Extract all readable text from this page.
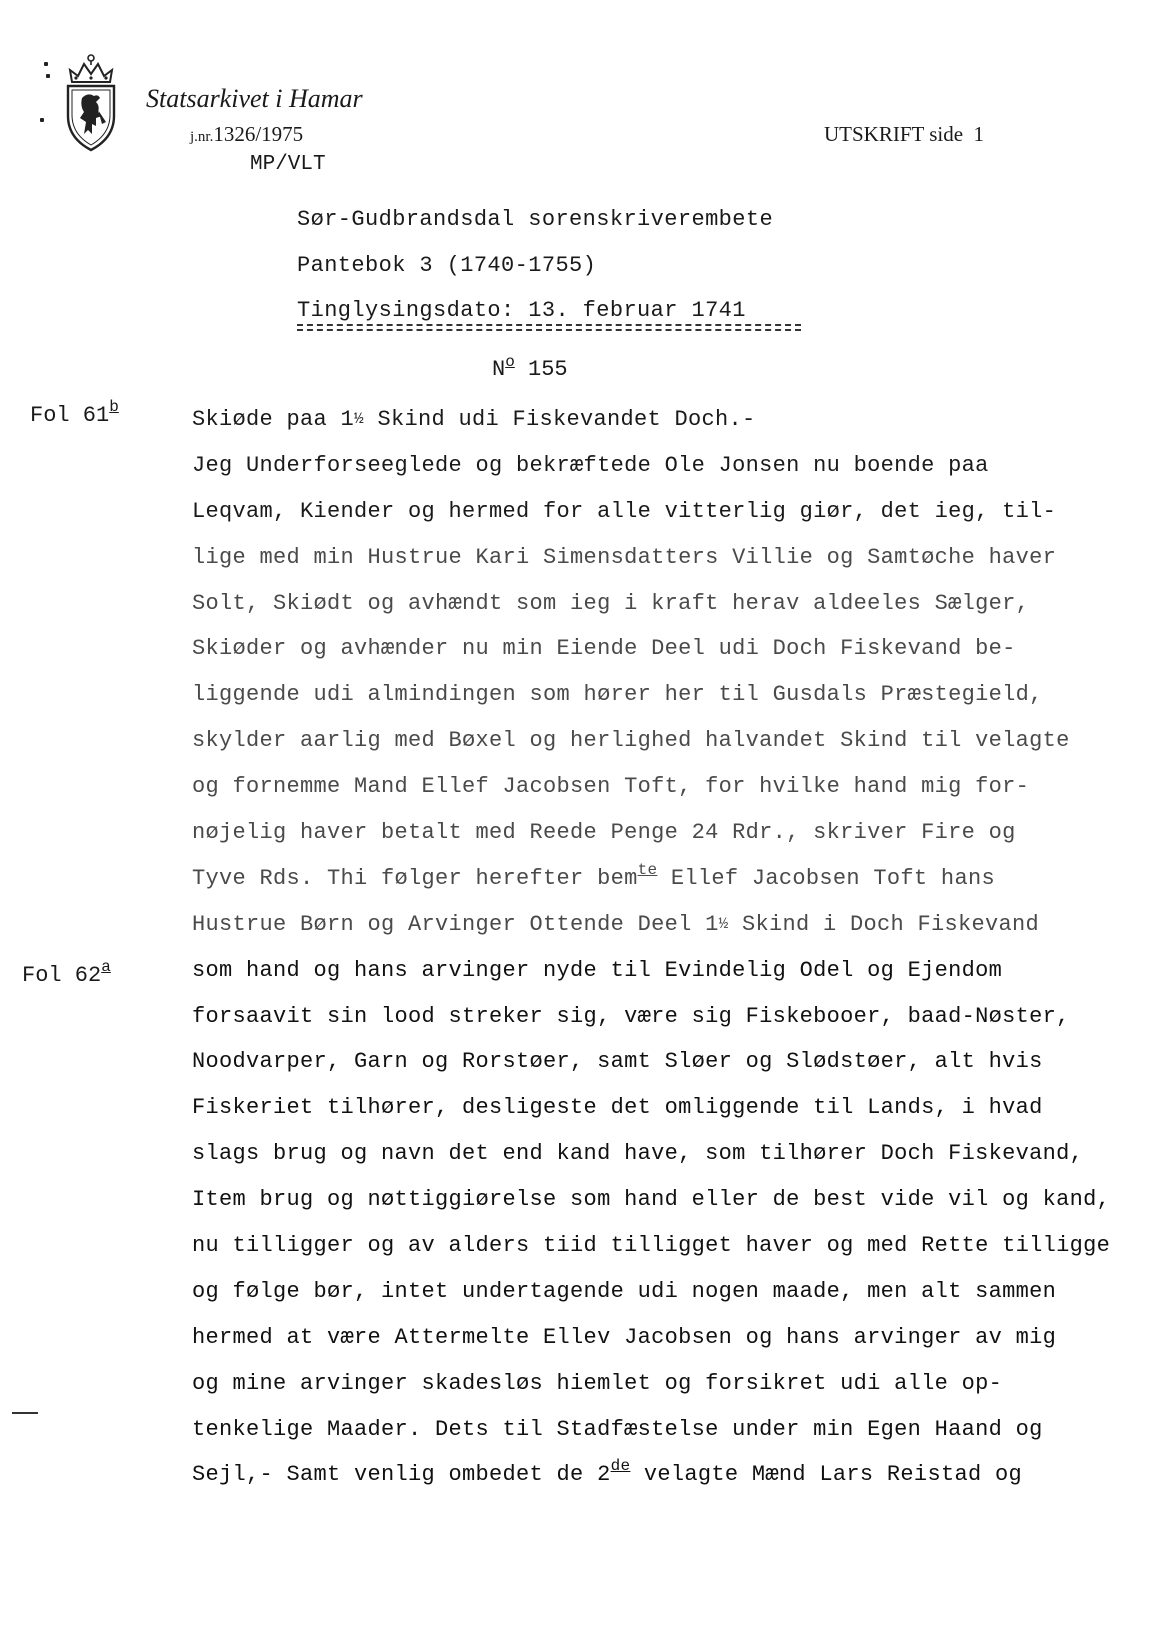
Statsarkivet i Hamar
j.nr.1326/1975
MP/VLT
UTSKRIFT side 1
Sør-Gudbrandsdal sorenskriverembete
Pantebok 3 (1740-1755)
Tinglysingsdato: 13. februar 1741
$N^o$ 155
Fol 61$^b$
Fol 62$^a$
Skiøde paa 1½ Skind udi Fiskevandet Doch.-
Jeg Underforseeglede og bekræftede Ole Jonsen nu boende paa
Leqvam, Kiender og hermed for alle vitterlig giør, det ieg, til-
lige med min Hustrue Kari Simensdatters Villie og Samtøche haver
Solt, Skiødt og avhændt som ieg i kraft herav aldeeles Sælger,
Skiøder og avhænder nu min Eiende Deel udi Doch Fiskevand be-
liggende udi almindingen som hører her til Gusdals Præstegield,
skylder aarlig med Bøxel og herlighed halvandet Skind til velagte
og fornemme Mand Ellef Jacobsen Toft, for hvilke hand mig for-
nøjelig haver betalt med Reede Penge 24 Rdr., skriver Fire og
Tyve Rds. Thi følger herefter bem$^{te}$ Ellef Jacobsen Toft hans
Hustrue Børn og Arvinger Ottende Deel 1½ Skind i Doch Fiskevand
som hand og hans arvinger nyde til Evindelig Odel og Ejendom
forsaavit sin lood streker sig, være sig Fiskebooer, baad-Nøster,
Noodvarper, Garn og Rorstøer, samt Sløer og Slødstøer, alt hvis
Fiskeriet tilhører, desligeste det omliggende til Lands, i hvad
slags brug og navn det end kand have, som tilhører Doch Fiskevand,
Item brug og nøttiggiørelse som hand eller de best vide vil og kand,
nu tilligger og av alders tiid tilligget haver og med Rette tilligge
og følge bør, intet undertagende udi nogen maade, men alt sammen
hermed at være Attermelte Ellev Jacobsen og hans arvinger av mig
og mine arvinger skadesløs hiemlet og forsikret udi alle op-
tenkelige Maader. Dets til Stadfæstelse under min Egen Haand og
Sejl,- Samt venlig ombedet de 2de velagte Mænd Lars Reistad og
